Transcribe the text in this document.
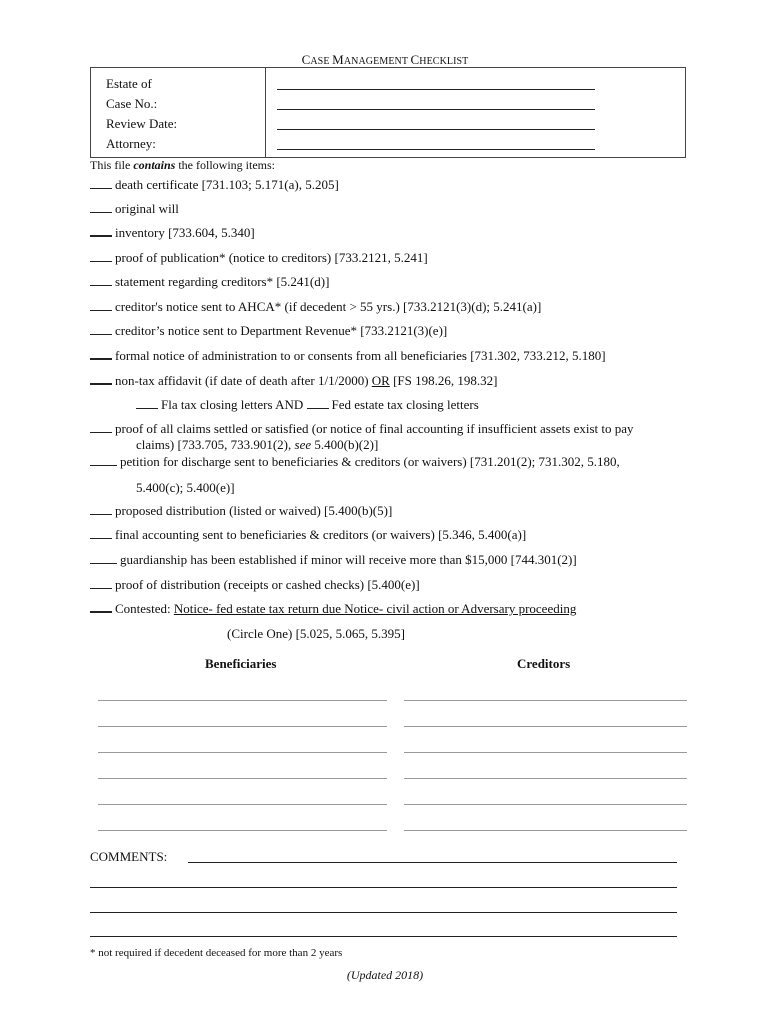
CASE MANAGEMENT CHECKLIST
Estate of
Case No.:
Review Date:
Attorney:
This file contains the following items:
death certificate [731.103; 5.171(a), 5.205]
original will
inventory [733.604, 5.340]
proof of publication* (notice to creditors) [733.2121, 5.241]
statement regarding creditors* [5.241(d)]
creditor's notice sent to AHCA* (if decedent > 55 yrs.) [733.2121(3)(d); 5.241(a)]
creditor’s notice sent to Department Revenue* [733.2121(3)(e)]
formal notice of administration to or consents from all beneficiaries [731.302, 733.212, 5.180]
non-tax affidavit (if date of death after 1/1/2000) OR [FS 198.26, 198.32]
Fla tax closing letters AND Fed estate tax closing letters
proof of all claims settled or satisfied (or notice of final accounting if insufficient assets exist to pay
claims) [733.705, 733.901(2), see 5.400(b)(2)]
petition for discharge sent to beneficiaries & creditors (or waivers) [731.201(2); 731.302, 5.180,
5.400(c); 5.400(e)]
proposed distribution (listed or waived) [5.400(b)(5)]
final accounting sent to beneficiaries & creditors (or waivers) [5.346, 5.400(a)]
guardianship has been established if minor will receive more than $15,000 [744.301(2)]
proof of distribution (receipts or cashed checks) [5.400(e)]
Contested: Notice- fed estate tax return due Notice- civil action or Adversary proceeding
(Circle One) [5.025, 5.065, 5.395]
Beneficiaries	Creditors
COMMENTS:
* not required if decedent deceased for more than 2 years
(Updated 2018)
